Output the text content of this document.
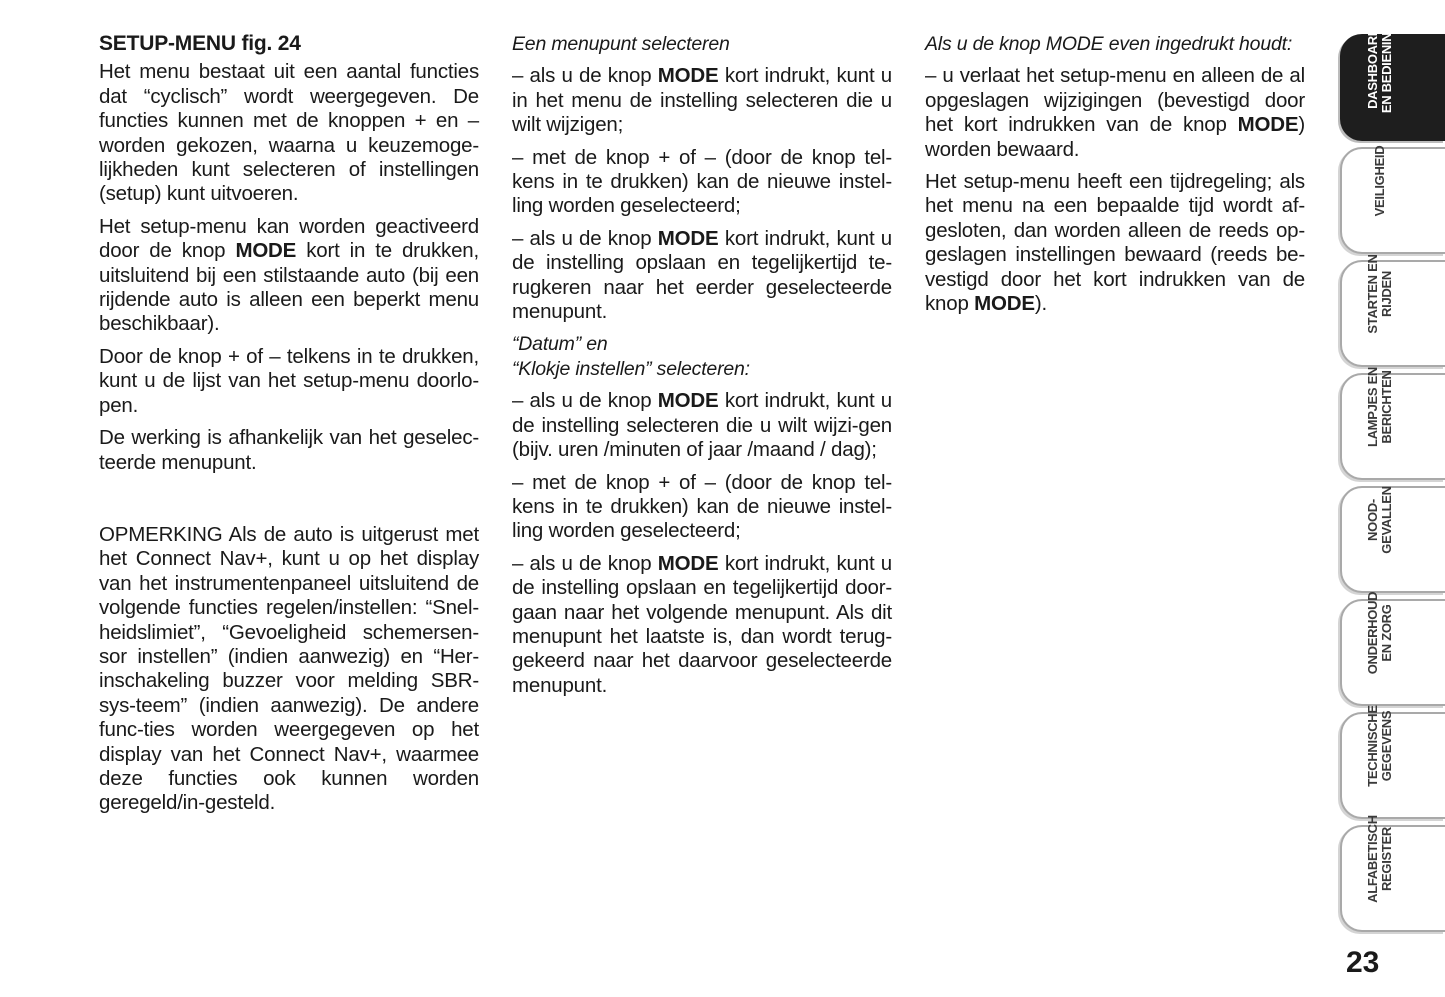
SETUP-MENU fig. 24

Het menu bestaat uit een aantal functies dat “cyclisch” wordt weergegeven. De functies kunnen met de knoppen + en – worden gekozen, waarna u keuzemoge-lijkheden kunt selecteren of instellingen (setup) kunt uitvoeren.

Het setup-menu kan worden geactiveerd door de knop MODE kort in te drukken, uitsluitend bij een stilstaande auto (bij een rijdende auto is alleen een beperkt menu beschikbaar).

Door de knop + of – telkens in te drukken, kunt u de lijst van het setup-menu doorlo-pen.

De werking is afhankelijk van het geselec-teerde menupunt.

OPMERKING Als de auto is uitgerust met het Connect Nav+, kunt u op het display van het instrumentenpaneel uitsluitend de volgende functies regelen/instellen: “Snel-heidslimiet”, “Gevoeligheid schemersen-sor instellen” (indien aanwezig) en “Her-inschakeling buzzer voor melding SBR-sys-teem” (indien aanwezig). De andere func-ties worden weergegeven op het display van het Connect Nav+, waarmee deze functies ook kunnen worden geregeld/in-gesteld.

Een menupunt selecteren

– als u de knop MODE kort indrukt, kunt u in het menu de instelling selecteren die u wilt wijzigen;

– met de knop + of – (door de knop tel-kens in te drukken) kan de nieuwe instel-ling worden geselecteerd;

– als u de knop MODE kort indrukt, kunt u de instelling opslaan en tegelijkertijd te-rugkeren naar het eerder geselecteerde menupunt.

“Datum” en
“Klokje instellen” selecteren:

– als u de knop MODE kort indrukt, kunt u de instelling selecteren die u wilt wijzi-gen (bijv. uren /minuten of jaar /maand / dag);

– met de knop + of – (door de knop tel-kens in te drukken) kan de nieuwe instel-ling worden geselecteerd;

– als u de knop MODE kort indrukt, kunt u de instelling opslaan en tegelijkertijd door-gaan naar het volgende menupunt. Als dit menupunt het laatste is, dan wordt terug-gekeerd naar het daarvoor geselecteerde menupunt.

Als u de knop MODE even ingedrukt houdt:

– u verlaat het setup-menu en alleen de al opgeslagen wijzigingen (bevestigd door het kort indrukken van de knop MODE) worden bewaard.

Het setup-menu heeft een tijdregeling; als het menu na een bepaalde tijd wordt af-gesloten, dan worden alleen de reeds op-geslagen instellingen bewaard (reeds be-vestigd door het kort indrukken van de knop MODE).

DASHBOARD
EN BEDIENING
VEILIGHEID
STARTEN EN
RIJDEN
LAMPJES EN
BERICHTEN
NOOD-
GEVALLEN
ONDERHOUD
EN ZORG
TECHNISCHE
GEGEVENS
ALFABETISCH
REGISTER
23
